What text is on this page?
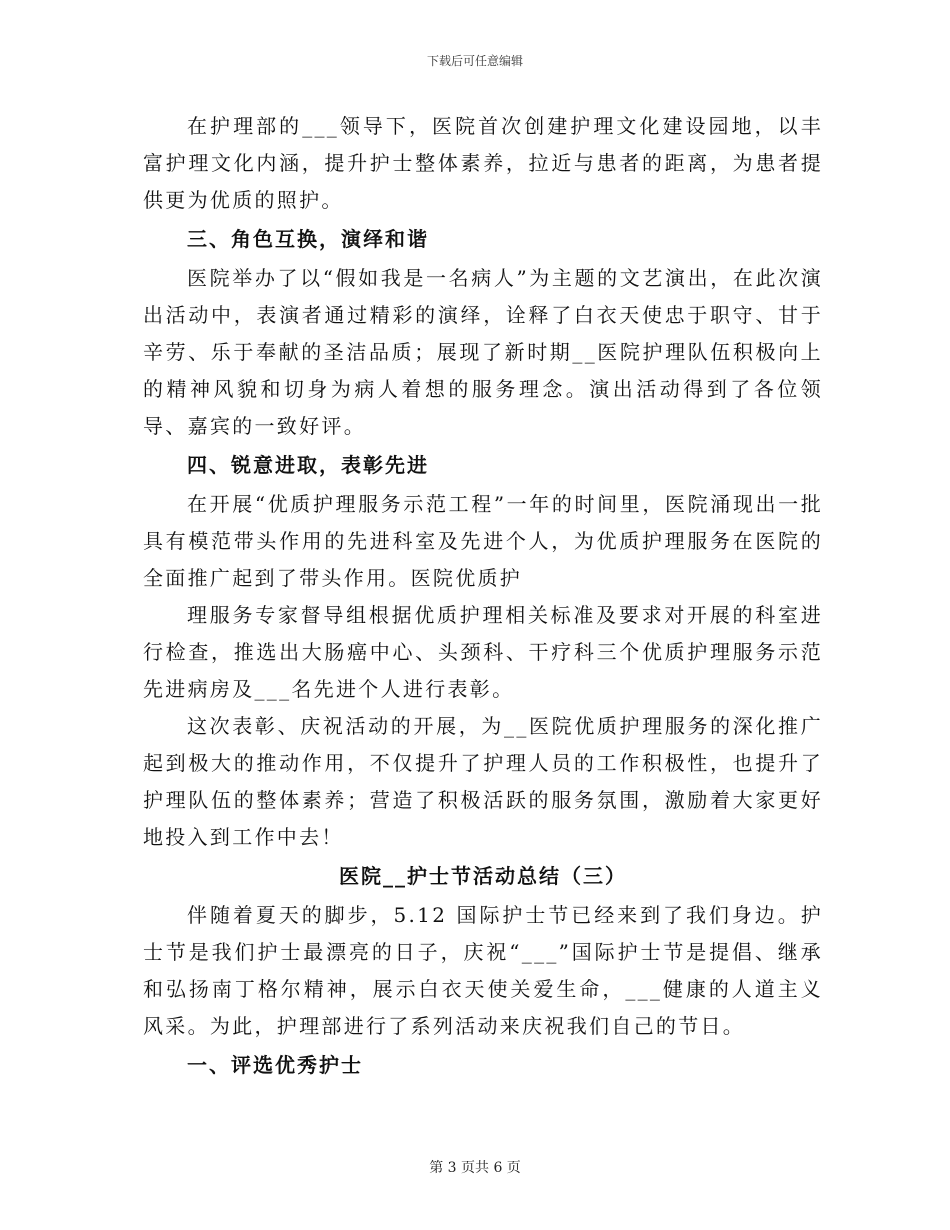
下载后可任意编辑

在护理部的___领导下，医院首次创建护理文化建设园地，以丰富护理文化内涵，提升护士整体素养，拉近与患者的距离，为患者提供更为优质的照护。

三、角色互换，演绎和谐

医院举办了以“假如我是一名病人”为主题的文艺演出，在此次演出活动中，表演者通过精彩的演绎，诠释了白衣天使忠于职守、甘于辛劳、乐于奉献的圣洁品质；展现了新时期__医院护理队伍积极向上的精神风貌和切身为病人着想的服务理念。演出活动得到了各位领导、嘉宾的一致好评。

四、锐意进取，表彰先进

在开展“优质护理服务示范工程”一年的时间里，医院涌现出一批具有模范带头作用的先进科室及先进个人，为优质护理服务在医院的全面推广起到了带头作用。医院优质护

理服务专家督导组根据优质护理相关标准及要求对开展的科室进行检查，推选出大肠癌中心、头颈科、干疗科三个优质护理服务示范先进病房及___名先进个人进行表彰。

这次表彰、庆祝活动的开展，为__医院优质护理服务的深化推广起到极大的推动作用，不仅提升了护理人员的工作积极性，也提升了护理队伍的整体素养；营造了积极活跃的服务氛围，激励着大家更好地投入到工作中去！

医院__护士节活动总结（三）

伴随着夏天的脚步，5.12 国际护士节已经来到了我们身边。护士节是我们护士最漂亮的日子，庆祝“___”国际护士节是提倡、继承和弘扬南丁格尔精神，展示白衣天使关爱生命，___健康的人道主义风采。为此，护理部进行了系列活动来庆祝我们自己的节日。

一、评选优秀护士

第 3 页共 6 页
